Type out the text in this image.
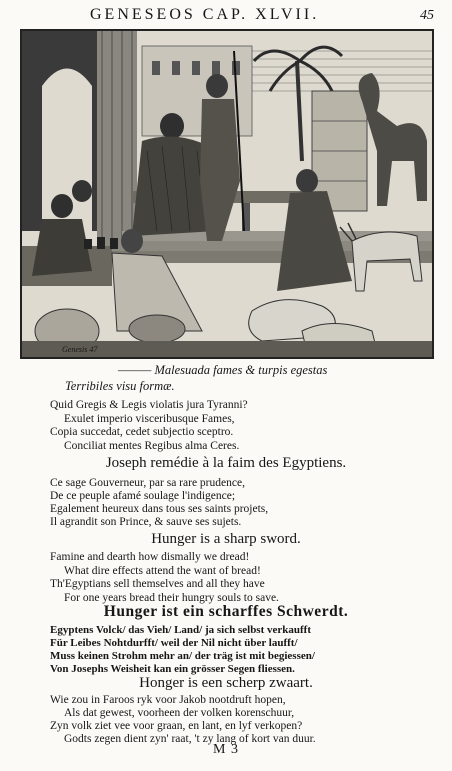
GENESEOS CAP. XLVII.	45
Genesis 47
——— Malesuada fames & turpis egestas
Terribiles visu formæ.
Quid Gregis & Legis violatis jura Tyranni?
Exulet imperio visceribusque Fames,
Copia succedat, cedet subjectio sceptro.
Conciliat mentes Regibus alma Ceres.
Joseph remédie à la faim des Egyptiens.
Ce sage Gouverneur, par sa rare prudence,
De ce peuple afamé soulage l'indigence;
Egalement heureux dans tous ses saints projets,
Il agrandit son Prince, & sauve ses sujets.
Hunger is a sharp sword.
Famine and dearth how dismally we dread!
What dire effects attend the want of bread!
Th'Egyptians sell themselves and all they have
For one years bread their hungry souls to save.
Hunger ist ein scharffes Schwerdt.
Egyptens Volck/ das Vieh/ Land/ ja sich selbst verkaufft
Für Leibes Nohtdurfft/ weil der Nil nicht über laufft/
Muss keinen Strohm mehr an/ der träg ist mit begiessen/
Von Josephs Weisheit kan ein grösser Segen fliessen.
Honger is een scherp zwaart.
Wie zou in Faroos ryk voor Jakob nootdruft hopen,
Als dat gewest, voorheen der volken korenschuur,
Zyn volk ziet vee voor graan, en lant, en lyf verkopen?
Godts zegen dient zyn' raat, 't zy lang of kort van duur.
M 3
